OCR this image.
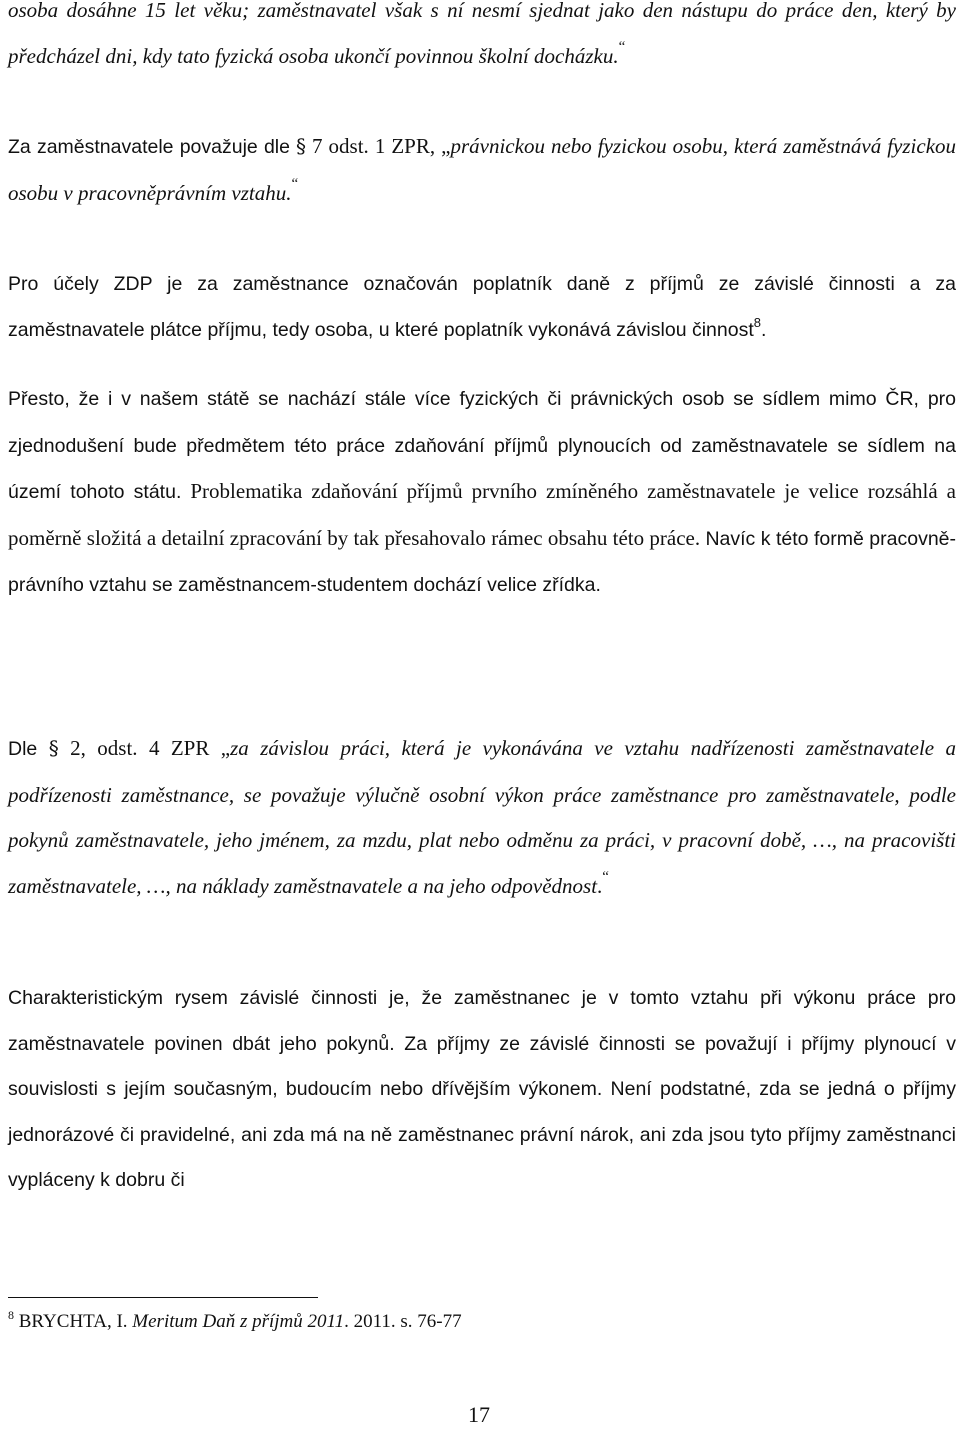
osoba dosáhne 15 let věku; zaměstnavatel však s ní nesmí sjednat jako den nástupu do práce den, který by předcházel dni, kdy tato fyzická osoba ukončí povinnou školní docházku.“
Za zaměstnavatele považuje dle § 7 odst. 1 ZPR, „právnickou nebo fyzickou osobu, která zaměstnává fyzickou osobu v pracovněprávním vztahu.“
Pro účely ZDP je za zaměstnance označován poplatník daně z příjmů ze závislé činnosti a za zaměstnavatele plátce příjmu, tedy osoba, u které poplatník vykonává závislou činnost$^8$.
Přesto, že i v našem státě se nachází stále více fyzických či právnických osob se sídlem mimo ČR, pro zjednodušení bude předmětem této práce zdaňování příjmů plynoucích od zaměstnavatele se sídlem na území tohoto státu. Problematika zdaňování příjmů prvního zmíněného zaměstnavatele je velice rozsáhlá a poměrně složitá a detailní zpracování by tak přesahovalo rámec obsahu této práce. Navíc k této formě pracovně-právního vztahu se zaměstnancem-studentem dochází velice zřídka.
Dle § 2, odst. 4 ZPR „za závislou práci, která je vykonávána ve vztahu nadřízenosti zaměstnavatele a podřízenosti zaměstnance, se považuje výlučně osobní výkon práce zaměstnance pro zaměstnavatele, podle pokynů zaměstnavatele, jeho jménem, za mzdu, plat nebo odměnu za práci, v pracovní době, …, na pracovišti zaměstnavatele, …, na náklady zaměstnavatele a na jeho odpovědnost.“
Charakteristickým rysem závislé činnosti je, že zaměstnanec je v tomto vztahu při výkonu práce pro zaměstnavatele povinen dbát jeho pokynů. Za příjmy ze závislé činnosti se považují i příjmy plynoucí v souvislosti s jejím současným, budoucím nebo dřívějším výkonem. Není podstatné, zda se jedná o příjmy jednorázové či pravidelné, ani zda má na ně zaměstnanec právní nárok, ani zda jsou tyto příjmy zaměstnanci vypláceny k dobru či
$^8$ BRYCHTA, I. Meritum Daň z příjmů 2011. 2011. s. 76-77
17
